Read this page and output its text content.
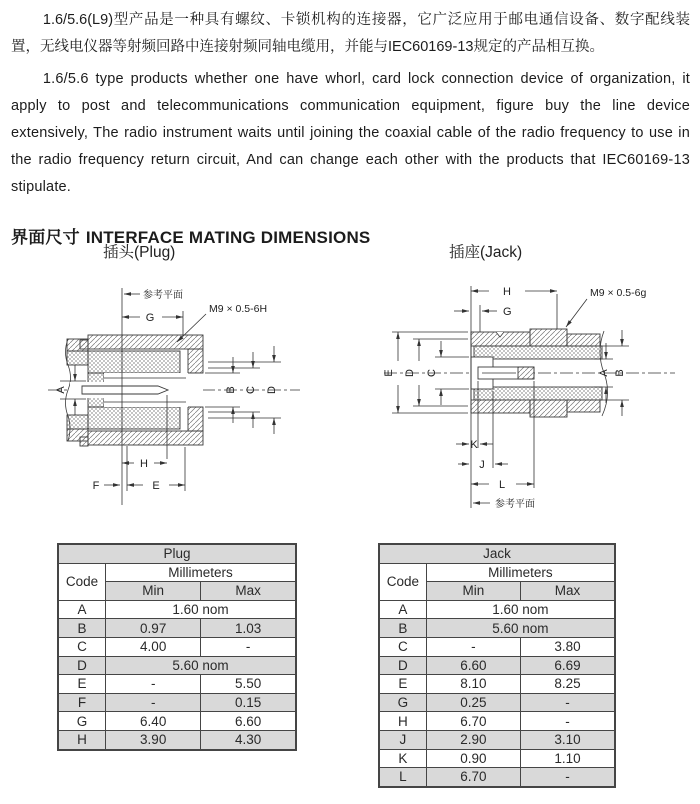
1.6/5.6(L9)型产品是一种具有螺纹、卡锁机构的连接器，它广泛应用于邮电通信设备、数字配线装置，无线电仪器等射频回路中连接射频同轴电缆用，并能与IEC60169-13规定的产品相互换。

1.6/5.6 type products whether one have whorl, card lock connection device of organization, it apply to post and telecommunications communication equipment, figure buy the line device extensively, The radio instrument waits until joining the coaxial cable of the radio frequency to use in the radio frequency return circuit, And can change each other with the products that IEC60169-13 stipulate.

界面尺寸 INTERFACE MATING DIMENSIONS
插头(Plug)	插座(Jack)
参考平面
G
M9 × 0.5-6H
A	B C D
H
F	E
H
G
M9 × 0.5-6g
E D C	A B
K
J
L
参考平面
Plug		
Code	Millimeters	
	Min	Max
A	1.60 nom	
B	0.97	1.03
C	4.00	-
D	5.60 nom	
E	-	5.50
F	-	0.15
G	6.40	6.60
H	3.90	4.30
Jack		
Code	Millimeters	
	Min	Max
A	1.60 nom	
B	5.60 nom	
C	-	3.80
D	6.60	6.69
E	8.10	8.25
G	0.25	-
H	6.70	-
J	2.90	3.10
K	0.90	1.10
L	6.70	-
